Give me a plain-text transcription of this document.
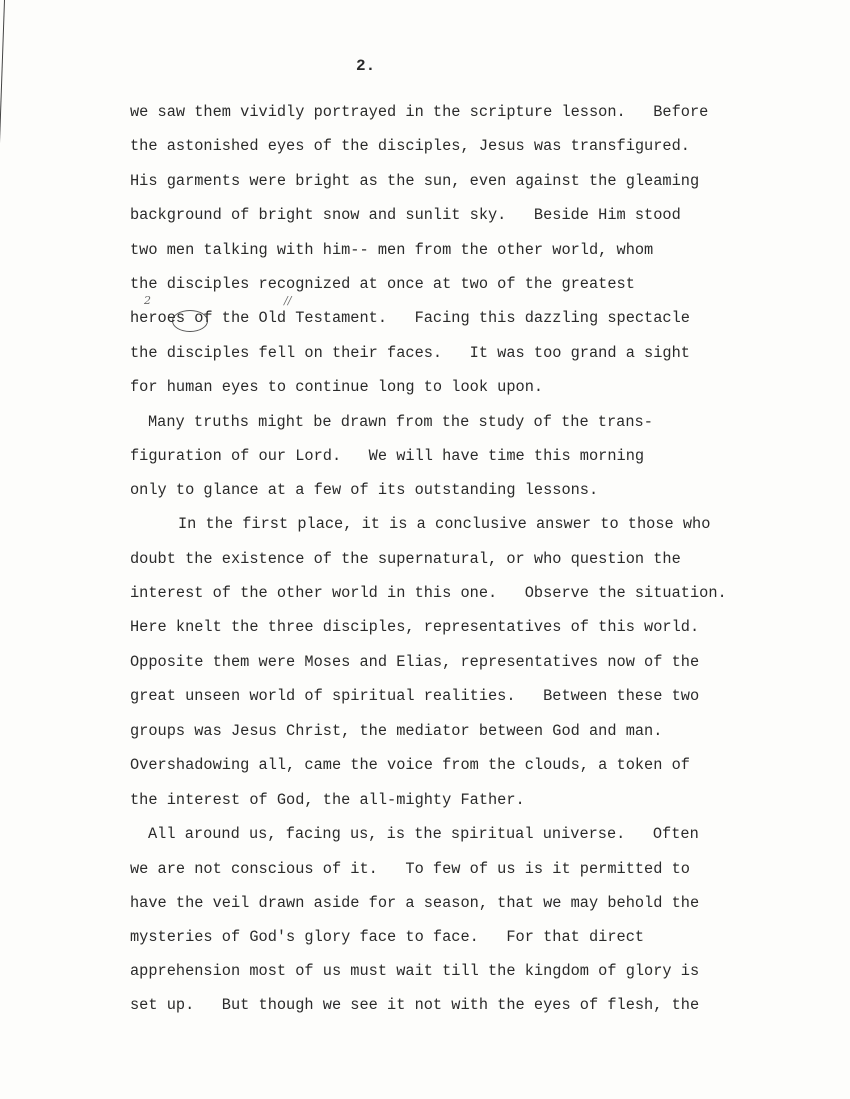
2.
2	//
we saw them vividly portrayed in the scripture lesson.   Before
the astonished eyes of the disciples, Jesus was transfigured.
His garments were bright as the sun, even against the gleaming
background of bright snow and sunlit sky.   Beside Him stood
two men talking with him-- men from the other world, whom
the disciples recognized at once at two of the greatest
heroes of the Old Testament.   Facing this dazzling spectacle
the disciples fell on their faces.   It was too grand a sight
for human eyes to continue long to look upon.
Many truths might be drawn from the study of the trans-
figuration of our Lord.   We will have time this morning
only to glance at a few of its outstanding lessons.
In the first place, it is a conclusive answer to those who
doubt the existence of the supernatural, or who question the
interest of the other world in this one.   Observe the situation.
Here knelt the three disciples, representatives of this world.
Opposite them were Moses and Elias, representatives now of the
great unseen world of spiritual realities.   Between these two
groups was Jesus Christ, the mediator between God and man.
Overshadowing all, came the voice from the clouds, a token of
the interest of God, the all-mighty Father.
All around us, facing us, is the spiritual universe.   Often
we are not conscious of it.   To few of us is it permitted to
have the veil drawn aside for a season, that we may behold the
mysteries of God's glory face to face.   For that direct
apprehension most of us must wait till the kingdom of glory is
set up.   But though we see it not with the eyes of flesh, the
